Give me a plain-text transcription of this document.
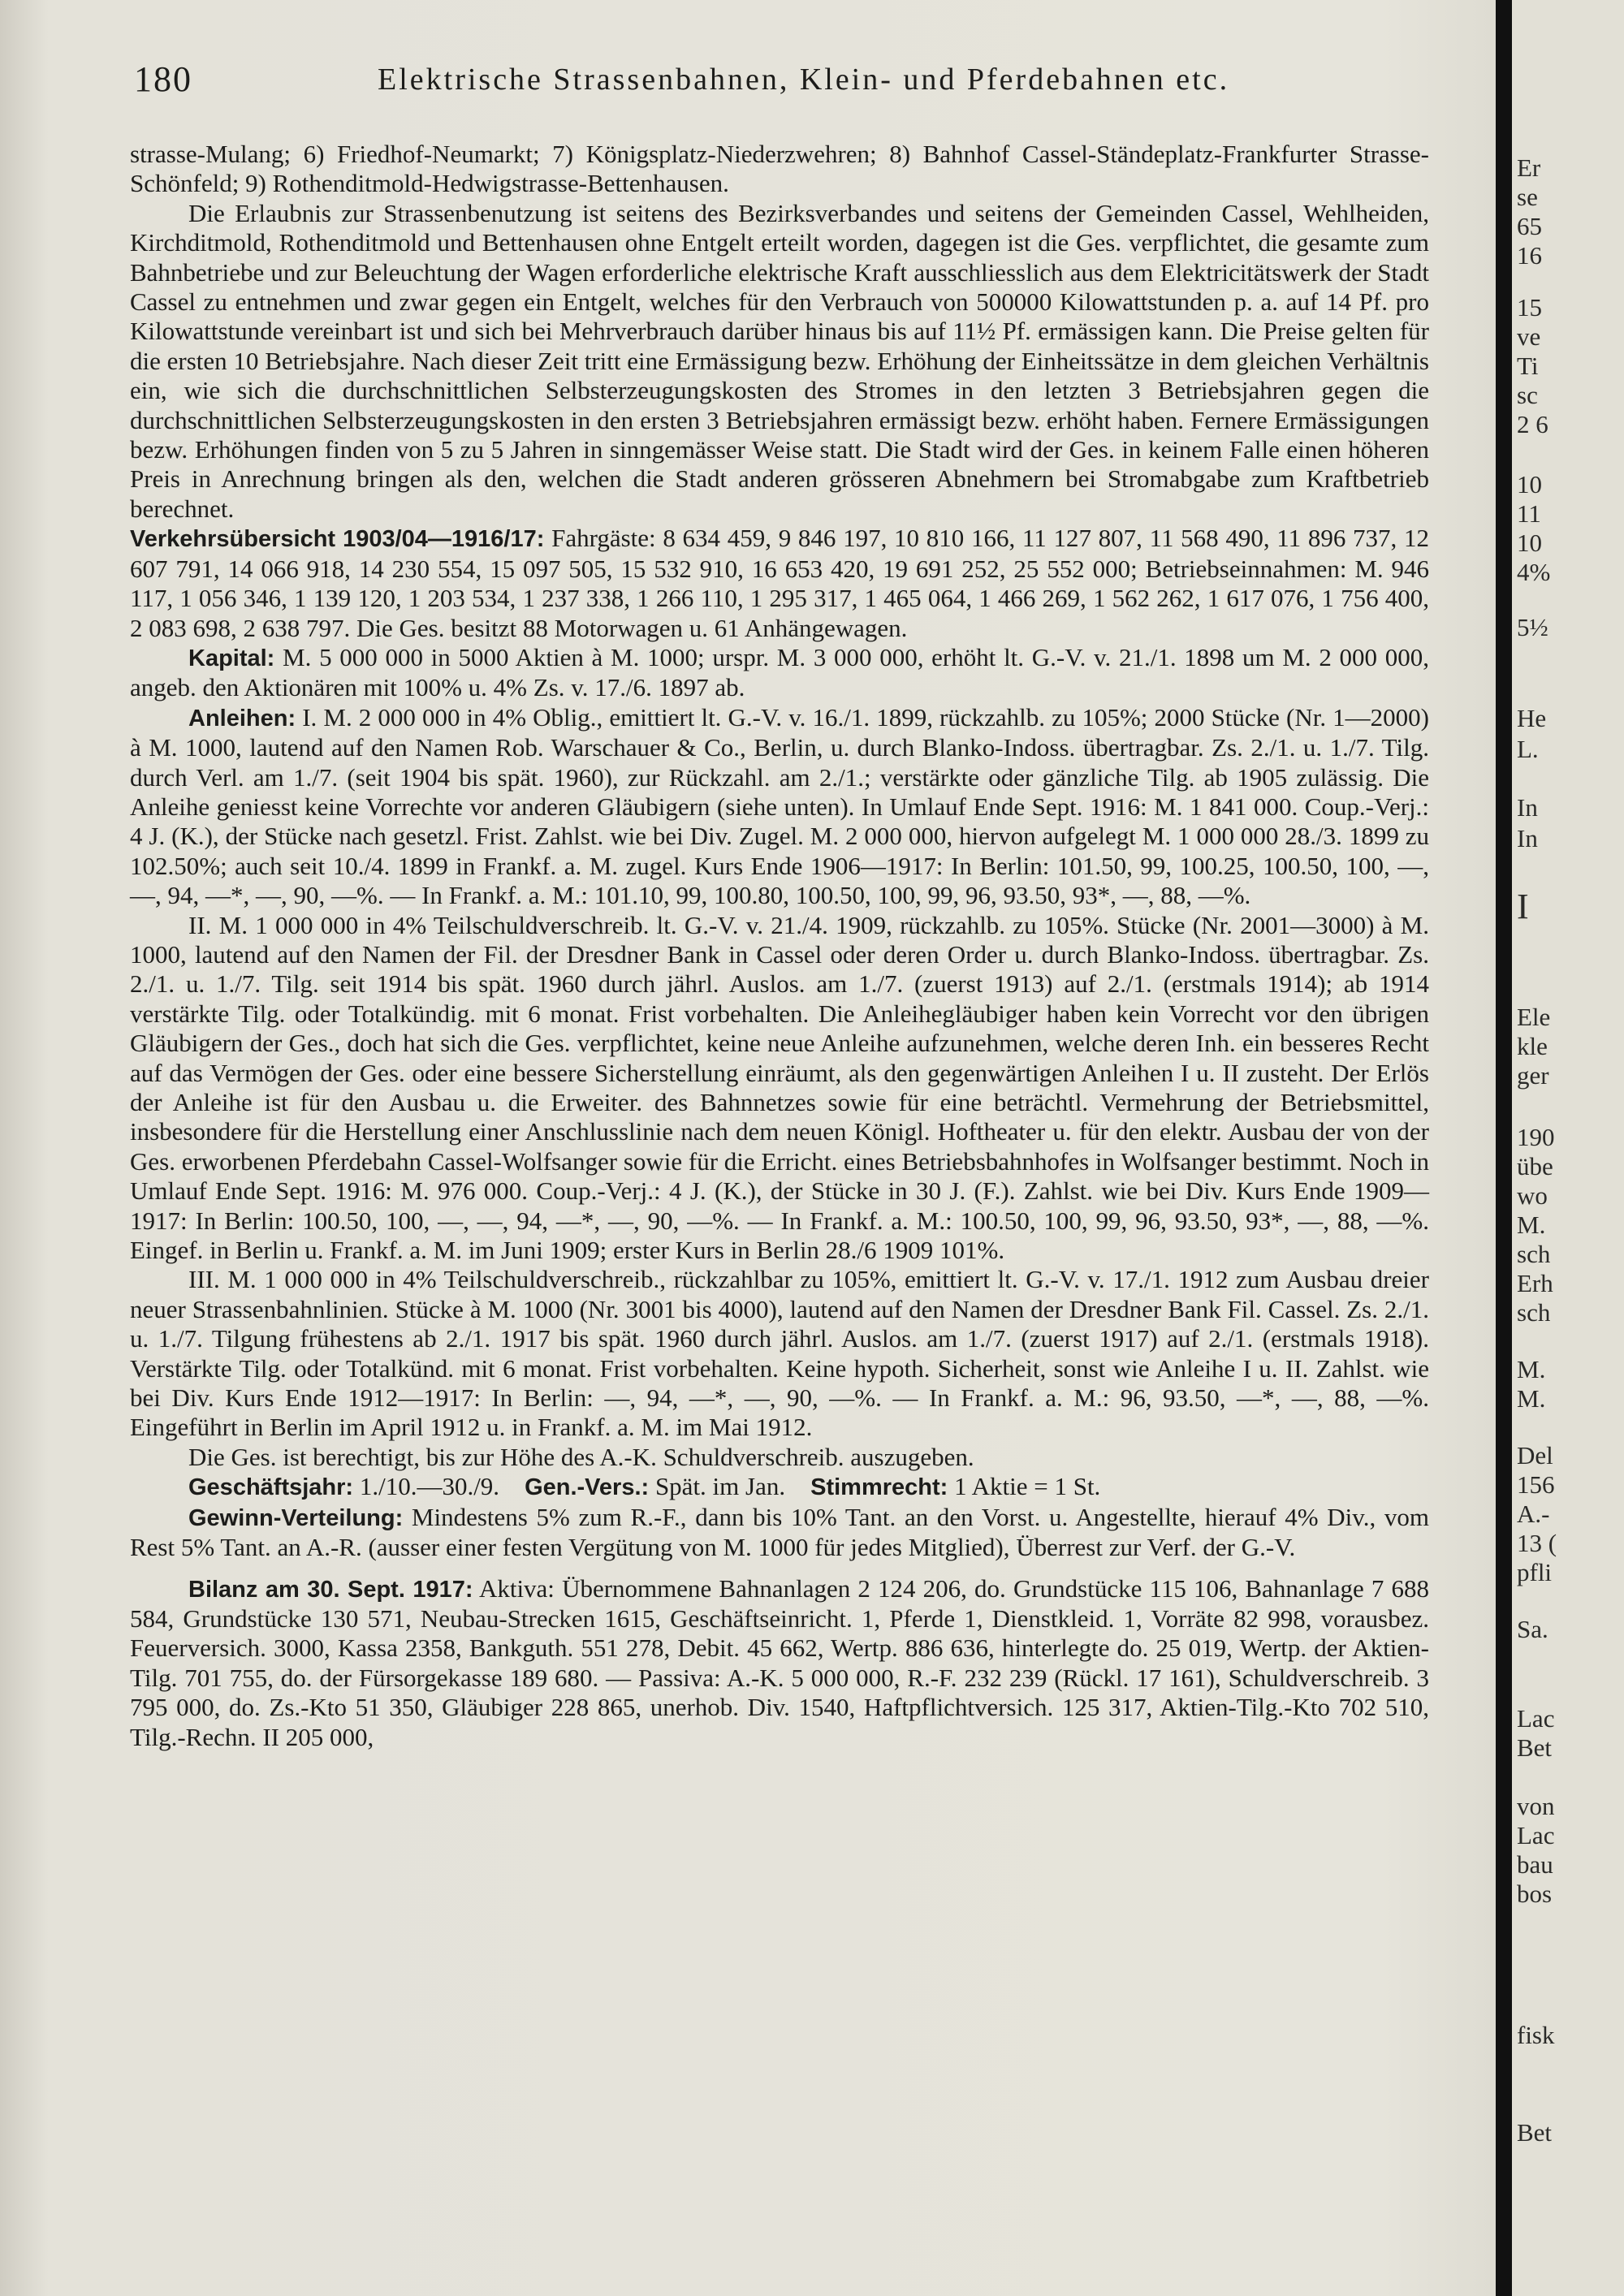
180	Elektrische Strassenbahnen, Klein- und Pferdebahnen etc.

strasse-Mulang; 6) Friedhof-Neumarkt; 7) Königsplatz-Niederzwehren; 8) Bahnhof Cassel-Ständeplatz-Frankfurter Strasse-Schönfeld; 9) Rothenditmold-Hedwigstrasse-Bettenhausen.

Die Erlaubnis zur Strassenbenutzung ist seitens des Bezirksverbandes und seitens der Gemeinden Cassel, Wehlheiden, Kirchditmold, Rothenditmold und Bettenhausen ohne Entgelt erteilt worden, dagegen ist die Ges. verpflichtet, die gesamte zum Bahnbetriebe und zur Beleuchtung der Wagen erforderliche elektrische Kraft ausschliesslich aus dem Elektricitätswerk der Stadt Cassel zu entnehmen und zwar gegen ein Entgelt, welches für den Verbrauch von 500000 Kilowattstunden p. a. auf 14 Pf. pro Kilowattstunde vereinbart ist und sich bei Mehrverbrauch darüber hinaus bis auf 11½ Pf. ermässigen kann. Die Preise gelten für die ersten 10 Betriebsjahre. Nach dieser Zeit tritt eine Ermässigung bezw. Erhöhung der Einheitssätze in dem gleichen Verhältnis ein, wie sich die durchschnittlichen Selbsterzeugungskosten des Stromes in den letzten 3 Betriebsjahren gegen die durchschnittlichen Selbsterzeugungskosten in den ersten 3 Betriebsjahren ermässigt bezw. erhöht haben. Fernere Ermässigungen bezw. Erhöhungen finden von 5 zu 5 Jahren in sinngemässer Weise statt. Die Stadt wird der Ges. in keinem Falle einen höheren Preis in Anrechnung bringen als den, welchen die Stadt anderen grösseren Abnehmern bei Stromabgabe zum Kraftbetrieb berechnet.

Verkehrsübersicht 1903/04—1916/17: Fahrgäste: 8 634 459, 9 846 197, 10 810 166, 11 127 807, 11 568 490, 11 896 737, 12 607 791, 14 066 918, 14 230 554, 15 097 505, 15 532 910, 16 653 420, 19 691 252, 25 552 000; Betriebseinnahmen: M. 946 117, 1 056 346, 1 139 120, 1 203 534, 1 237 338, 1 266 110, 1 295 317, 1 465 064, 1 466 269, 1 562 262, 1 617 076, 1 756 400, 2 083 698, 2 638 797. Die Ges. besitzt 88 Motorwagen u. 61 Anhängewagen.

Kapital: M. 5 000 000 in 5000 Aktien à M. 1000; urspr. M. 3 000 000, erhöht lt. G.-V. v. 21./1. 1898 um M. 2 000 000, angeb. den Aktionären mit 100% u. 4% Zs. v. 17./6. 1897 ab.

Anleihen: I. M. 2 000 000 in 4% Oblig., emittiert lt. G.-V. v. 16./1. 1899, rückzahlb. zu 105%; 2000 Stücke (Nr. 1—2000) à M. 1000, lautend auf den Namen Rob. Warschauer & Co., Berlin, u. durch Blanko-Indoss. übertragbar. Zs. 2./1. u. 1./7. Tilg. durch Verl. am 1./7. (seit 1904 bis spät. 1960), zur Rückzahl. am 2./1.; verstärkte oder gänzliche Tilg. ab 1905 zulässig. Die Anleihe geniesst keine Vorrechte vor anderen Gläubigern (siehe unten). In Umlauf Ende Sept. 1916: M. 1 841 000. Coup.-Verj.: 4 J. (K.), der Stücke nach gesetzl. Frist. Zahlst. wie bei Div. Zugel. M. 2 000 000, hiervon aufgelegt M. 1 000 000 28./3. 1899 zu 102.50%; auch seit 10./4. 1899 in Frankf. a. M. zugel. Kurs Ende 1906—1917: In Berlin: 101.50, 99, 100.25, 100.50, 100, —, —, 94, —*, —, 90, —%. — In Frankf. a. M.: 101.10, 99, 100.80, 100.50, 100, 99, 96, 93.50, 93*, —, 88, —%.

II. M. 1 000 000 in 4% Teilschuldverschreib. lt. G.-V. v. 21./4. 1909, rückzahlb. zu 105%. Stücke (Nr. 2001—3000) à M. 1000, lautend auf den Namen der Fil. der Dresdner Bank in Cassel oder deren Order u. durch Blanko-Indoss. übertragbar. Zs. 2./1. u. 1./7. Tilg. seit 1914 bis spät. 1960 durch jährl. Auslos. am 1./7. (zuerst 1913) auf 2./1. (erstmals 1914); ab 1914 verstärkte Tilg. oder Totalkündig. mit 6 monat. Frist vorbehalten. Die Anleihegläubiger haben kein Vorrecht vor den übrigen Gläubigern der Ges., doch hat sich die Ges. verpflichtet, keine neue Anleihe aufzunehmen, welche deren Inh. ein besseres Recht auf das Vermögen der Ges. oder eine bessere Sicherstellung einräumt, als den gegenwärtigen Anleihen I u. II zusteht. Der Erlös der Anleihe ist für den Ausbau u. die Erweiter. des Bahnnetzes sowie für eine beträchtl. Vermehrung der Betriebsmittel, insbesondere für die Herstellung einer Anschlusslinie nach dem neuen Königl. Hoftheater u. für den elektr. Ausbau der von der Ges. erworbenen Pferdebahn Cassel-Wolfsanger sowie für die Erricht. eines Betriebsbahnhofes in Wolfsanger bestimmt. Noch in Umlauf Ende Sept. 1916: M. 976 000. Coup.-Verj.: 4 J. (K.), der Stücke in 30 J. (F.). Zahlst. wie bei Div. Kurs Ende 1909—1917: In Berlin: 100.50, 100, —, —, 94, —*, —, 90, —%. — In Frankf. a. M.: 100.50, 100, 99, 96, 93.50, 93*, —, 88, —%. Eingef. in Berlin u. Frankf. a. M. im Juni 1909; erster Kurs in Berlin 28./6 1909 101%.

III. M. 1 000 000 in 4% Teilschuldverschreib., rückzahlbar zu 105%, emittiert lt. G.-V. v. 17./1. 1912 zum Ausbau dreier neuer Strassenbahnlinien. Stücke à M. 1000 (Nr. 3001 bis 4000), lautend auf den Namen der Dresdner Bank Fil. Cassel. Zs. 2./1. u. 1./7. Tilgung frühestens ab 2./1. 1917 bis spät. 1960 durch jährl. Auslos. am 1./7. (zuerst 1917) auf 2./1. (erstmals 1918). Verstärkte Tilg. oder Totalkünd. mit 6 monat. Frist vorbehalten. Keine hypoth. Sicherheit, sonst wie Anleihe I u. II. Zahlst. wie bei Div. Kurs Ende 1912—1917: In Berlin: —, 94, —*, —, 90, —%. — In Frankf. a. M.: 96, 93.50, —*, —, 88, —%. Eingeführt in Berlin im April 1912 u. in Frankf. a. M. im Mai 1912.

Die Ges. ist berechtigt, bis zur Höhe des A.-K. Schuldverschreib. auszugeben.

Geschäftsjahr: 1./10.—30./9. Gen.-Vers.: Spät. im Jan. Stimmrecht: 1 Aktie = 1 St.

Gewinn-Verteilung: Mindestens 5% zum R.-F., dann bis 10% Tant. an den Vorst. u. Angestellte, hierauf 4% Div., vom Rest 5% Tant. an A.-R. (ausser einer festen Vergütung von M. 1000 für jedes Mitglied), Überrest zur Verf. der G.-V.

Bilanz am 30. Sept. 1917: Aktiva: Übernommene Bahnanlagen 2 124 206, do. Grundstücke 115 106, Bahnanlage 7 688 584, Grundstücke 130 571, Neubau-Strecken 1615, Geschäftseinricht. 1, Pferde 1, Dienstkleid. 1, Vorräte 82 998, vorausbez. Feuerversich. 3000, Kassa 2358, Bankguth. 551 278, Debit. 45 662, Wertp. 886 636, hinterlegte do. 25 019, Wertp. der Aktien-Tilg. 701 755, do. der Fürsorgekasse 189 680. — Passiva: A.-K. 5 000 000, R.-F. 232 239 (Rückl. 17 161), Schuldverschreib. 3 795 000, do. Zs.-Kto 51 350, Gläubiger 228 865, unerhob. Div. 1540, Haftpflichtversich. 125 317, Aktien-Tilg.-Kto 702 510, Tilg.-Rechn. II 205 000,

Er
se
65
16
15
ve
Ti
sc
2 6
10
11
10
4%
5½
He
L.
In
In
I
Ele
kle
ger
190
übe
wo
M.
sch
Erh
sch
M.
M.
Del
156
A.-
13 (
pfli
Sa.
Lac
Bet
von
Lac
bau
bos
fisk
Bet
